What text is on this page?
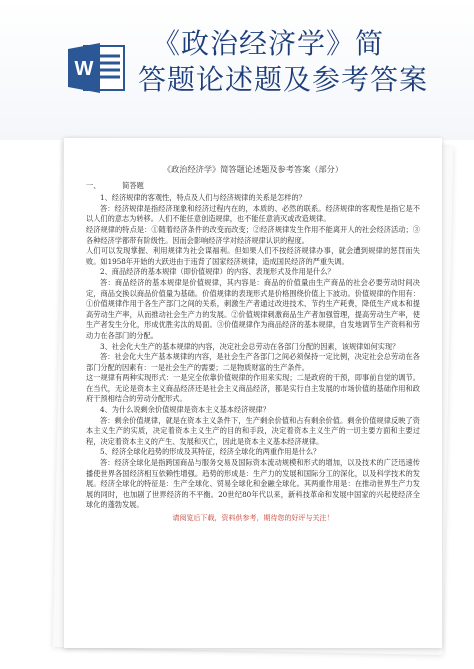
W
《政治经济学》简
答题论述题及参考答案
《政治经济学》简答题论述题及参考答案（部分）
一、	简答题

1、经济规律的客观性，特点及人们与经济规律的关系是怎样的？

答：经济规律是指经济现象和经济过程内在的，本质的、必然的联系。经济规律的客观性是指它是不以人们的意志为转移。人们不能任意创造规律，也不能任意消灭或改造规律。

经济规律的特点是：①随着经济条件的改变而改变；②经济规律发生作用不能离开人的社会经济活动；③各种经济学都带有阶级性。因而会影响经济学对经济规律认识的程度。

人们可以发现掌握、利用规律为社会谋福利。但如果人们不按经济规律办事，就会遭到规律的惩罚而失败。如1958年开始的大跃进由于违背了国家经济规律，造成国民经济的严重失调。

2、商品经济的基本规律（即价值规律）的内容、表现形式及作用是什么？

答：商品经济的基本规律是价值规律，其内容是：商品的价值量由生产商品的社会必要劳动时间决定，商品交换以商品价值量为基础。价值规律的表现形式是价格围绕价值上下波动。价值规律的作用有：①价值规律作用于各生产部门之间的关系，刺激生产者通过改进技术、节约生产耗费，降低生产成本和提高劳动生产率，从而推动社会生产力的发展。②价值规律刺激商品生产者加强管理，提高劳动生产率，使生产者发生分化，形成优胜劣汰的局面。③价值规律作为商品经济的基本规律，自发地调节生产资料和劳动力在各部门的分配。

3、社会化大生产的基本规律的内容，决定社会总劳动在各部门分配的因素，该规律如何实现？

答：社会化大生产基本规律的内容，是社会生产各部门之间必须保持一定比例，决定社会总劳动在各部门分配的因素有：一是社会生产的需要；二是物质财富的生产条件。

这一规律有两种实现形式：一是完全依靠价值规律的作用来实现；二是政府的干预，即事前自觉的调节。在当代，无论是资本主义商品经济还是社会主义商品经济，都是实行自主发展的市场价值的基础作用和政府干预相结合的劳动分配形式。

4、为什么说剩余价值规律是资本主义基本经济规律？

答：剩余价值规律，就是在资本主义条件下，生产剩余价值和占有剩余价值。剩余价值规律反映了资本主义生产的实质，决定着资本主义生产的目的和手段，决定着资本主义生产的一切主要方面和主要过程，决定着资本主义的产生、发展和灭亡，因此是资本主义基本经济规律。

5、经济全球化趋势的形成及其特征，经济全球化的两重作用是什么？

答：经济全球化是指跨国商品与服务交易及国际资本流动规模和形式的增加，以及技术的广泛迅速传播使世界各国经济相互依赖性增强。趋势的形成是：生产力的发展和国际分工的深化，以及科学技术的发展。经济全球化的特征是：生产全球化、贸易全球化和金融全球化。其两重作用是：在推动世界生产力发展的同时，也加剧了世界经济的不平衡。20世纪80年代以来，新科技革命和发展中国家的兴起使经济全球化的蓬勃发展。

请阅览后下载，资料供参考，期待您的好评与关注！
